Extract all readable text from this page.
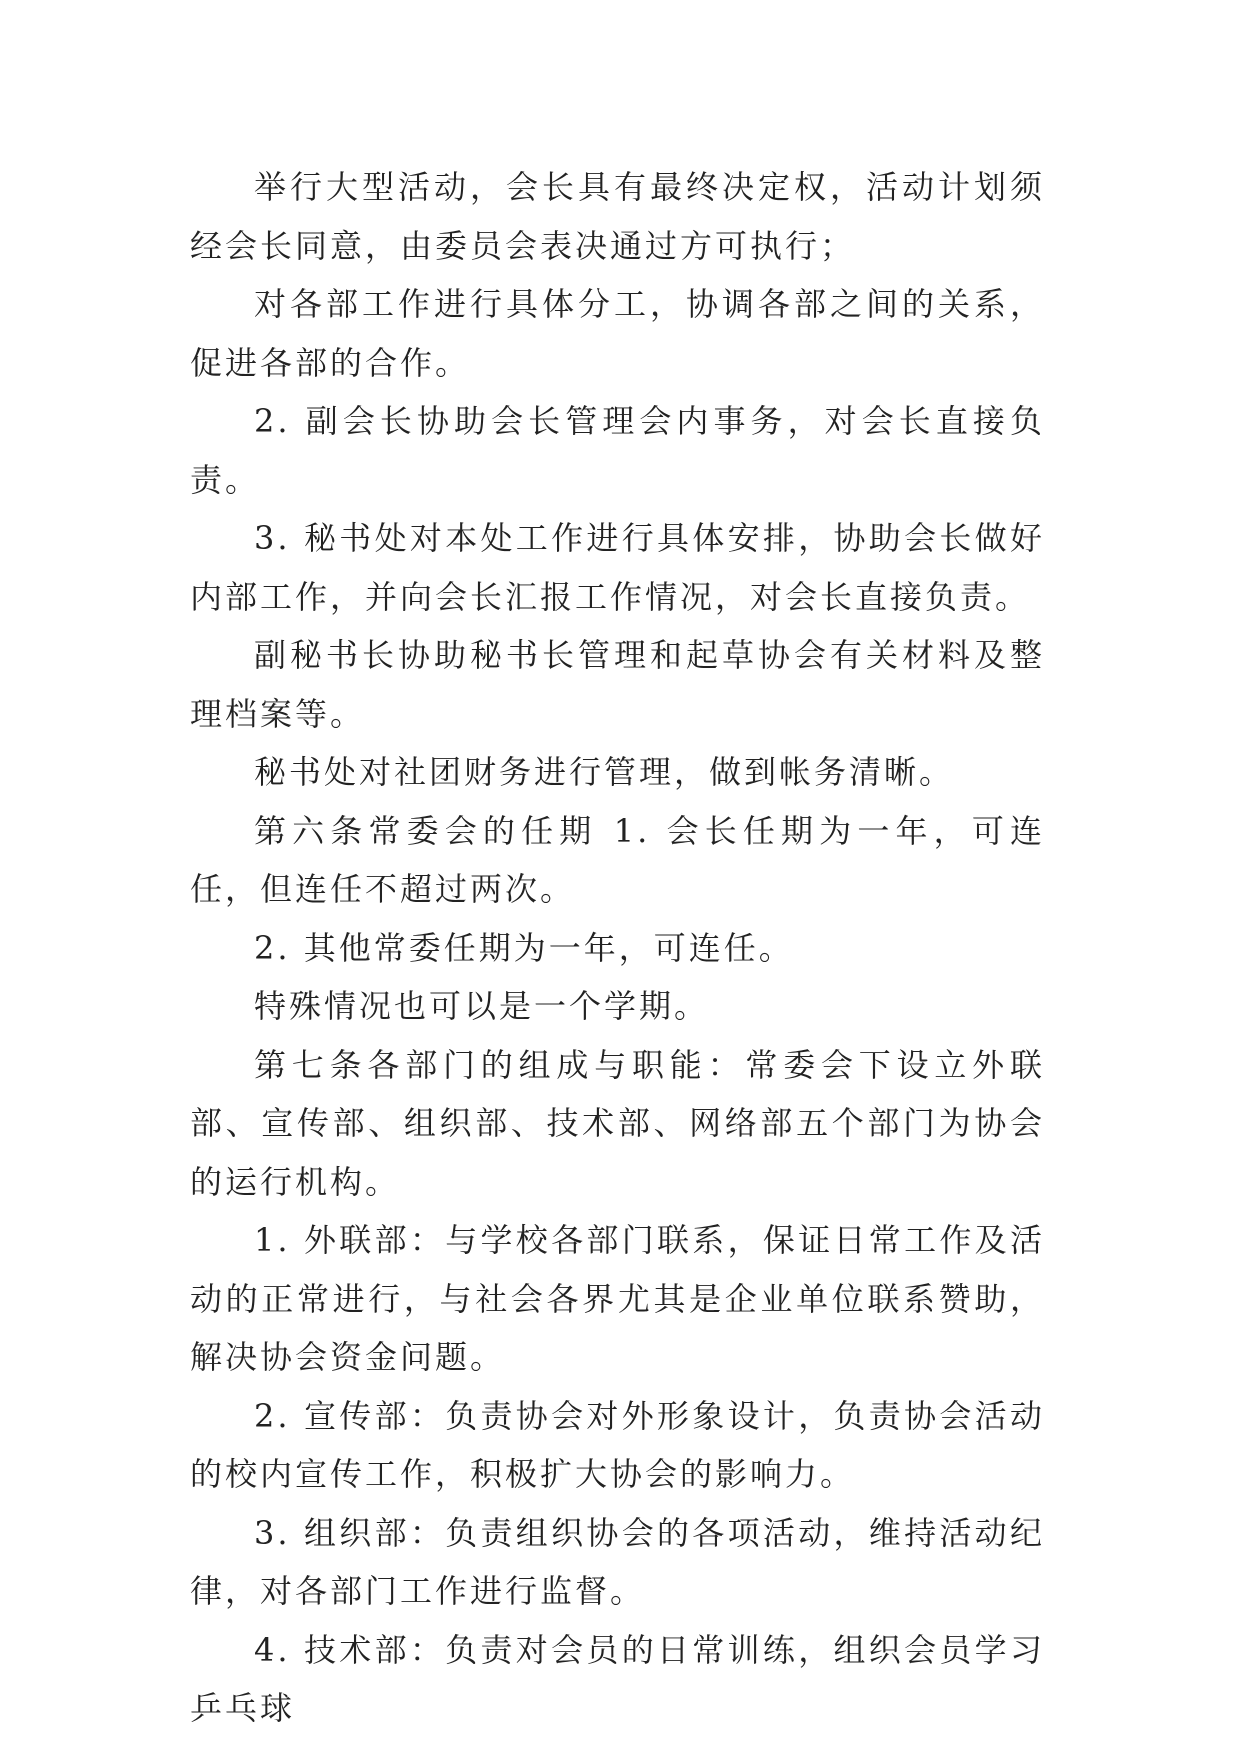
举行大型活动，会长具有最终决定权，活动计划须经会长同意，由委员会表决通过方可执行；

对各部工作进行具体分工，协调各部之间的关系，促进各部的合作。

2. 副会长协助会长管理会内事务，对会长直接负责。

3. 秘书处对本处工作进行具体安排，协助会长做好内部工作，并向会长汇报工作情况，对会长直接负责。

副秘书长协助秘书长管理和起草协会有关材料及整理档案等。

秘书处对社团财务进行管理，做到帐务清晰。

第六条常委会的任期 1. 会长任期为一年，可连任，但连任不超过两次。

2. 其他常委任期为一年，可连任。

特殊情况也可以是一个学期。

第七条各部门的组成与职能：常委会下设立外联部、宣传部、组织部、技术部、网络部五个部门为协会的运行机构。

1. 外联部：与学校各部门联系，保证日常工作及活动的正常进行，与社会各界尤其是企业单位联系赞助，解决协会资金问题。

2. 宣传部：负责协会对外形象设计，负责协会活动的校内宣传工作，积极扩大协会的影响力。

3. 组织部：负责组织协会的各项活动，维持活动纪律，对各部门工作进行监督。

4. 技术部：负责对会员的日常训练，组织会员学习乒乓球
